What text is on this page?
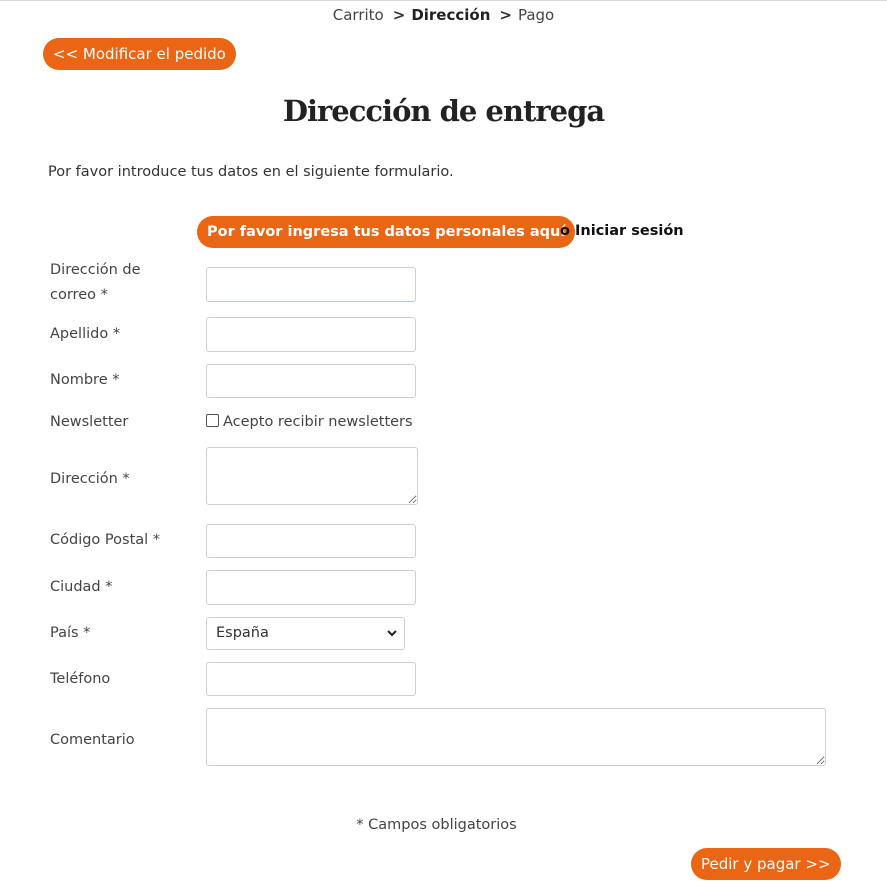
Carrito > Dirección > Pago
<< Modificar el pedido
Dirección de entrega
Por favor introduce tus datos en el siguiente formulario.
Por favor ingresa tus datos personales aquí
o Iniciar sesión
Dirección de
correo *
Apellido *
Nombre *
Newsletter	Acepto recibir newsletters
Dirección *
Código Postal *
Ciudad *
País *	España
Teléfono
Comentario
* Campos obligatorios
Pedir y pagar >>
